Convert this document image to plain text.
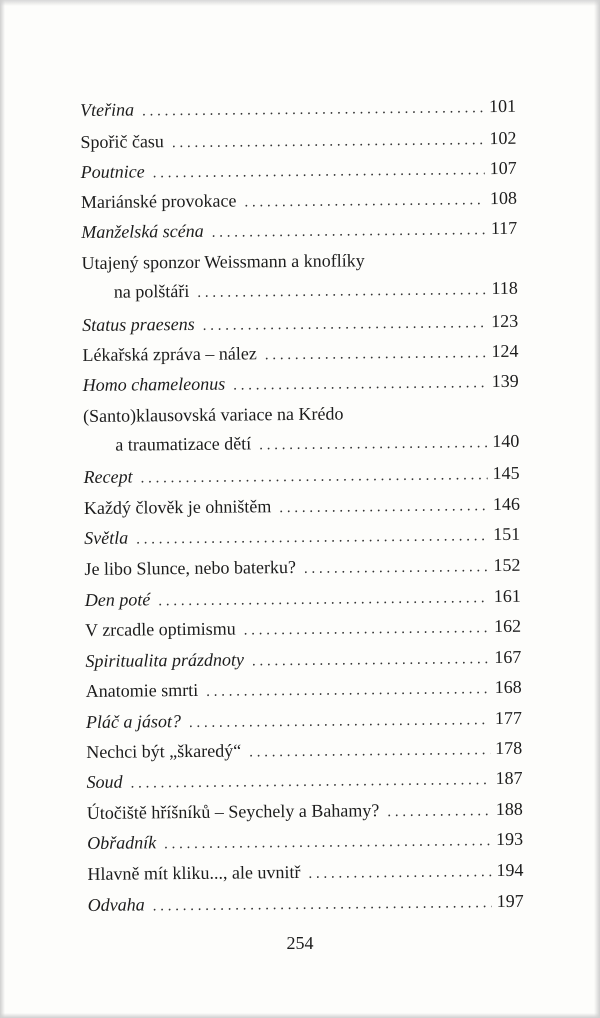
Vteřina . . .	101
Spořič času . . .	102
Poutnice . . .	107
Mariánské provokace . . .	108
Manželská scéna . . .	117
Utajený sponzor Weissmann a knoflíky
na polštáři . . .	118
Status praesens . . .	123
Lékařská zpráva – nález . . .	124
Homo chameleonus . . .	139
(Santo)klausovská variace na Krédo
a traumatizace dětí . . .	140
Recept . . .	145
Každý člověk je ohništěm . . .	146
Světla . . .	151
Je libo Slunce, nebo baterku? . . .	152
Den poté . . .	161
V zrcadle optimismu . . .	162
Spiritualita prázdnoty . . .	167
Anatomie smrti . . .	168
Pláč a jásot? . . .	177
Nechci být „škaredý“ . . .	178
Soud . . .	187
Útočiště hříšníků – Seychely a Bahamy? . . .	188
Obřadník . . .	193
Hlavně mít kliku..., ale uvnitř . . .	194
Odvaha . . .	197
254
